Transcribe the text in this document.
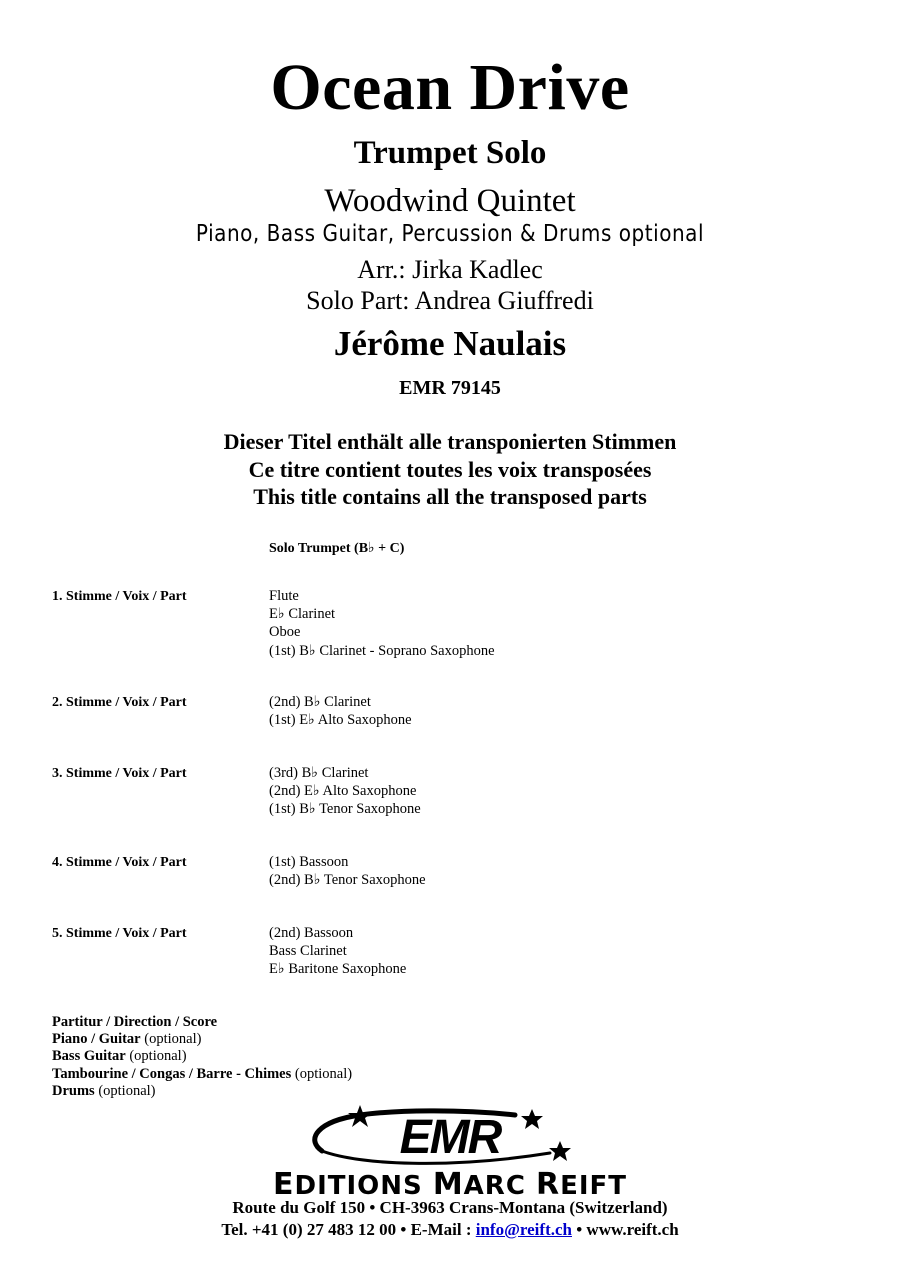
Ocean Drive
Trumpet Solo
Woodwind Quintet
Piano, Bass Guitar, Percussion & Drums optional
Arr.: Jirka Kadlec
Solo Part: Andrea Giuffredi
Jérôme Naulais
EMR 79145
Dieser Titel enthält alle transponierten Stimmen
Ce titre contient toutes les voix transposées
This title contains all the transposed parts
Solo Trumpet (B♭ + C)
1. Stimme / Voix / Part	Flute
E♭ Clarinet
Oboe
(1st) B♭ Clarinet - Soprano Saxophone
2. Stimme / Voix / Part	(2nd) B♭ Clarinet
(1st) E♭ Alto Saxophone
3. Stimme / Voix / Part	(3rd) B♭ Clarinet
(2nd) E♭ Alto Saxophone
(1st) B♭ Tenor Saxophone
4. Stimme / Voix / Part	(1st) Bassoon
(2nd) B♭ Tenor Saxophone
5. Stimme / Voix / Part	(2nd) Bassoon
Bass Clarinet
E♭ Baritone Saxophone
Partitur / Direction / Score
Piano / Guitar (optional)
Bass Guitar (optional)
Tambourine / Congas / Barre - Chimes (optional)
Drums (optional)
EMR
EDITIONS MARC REIFT
Route du Golf 150 • CH-3963 Crans-Montana (Switzerland)
Tel. +41 (0) 27 483 12 00 • E-Mail : info@reift.ch • www.reift.ch
